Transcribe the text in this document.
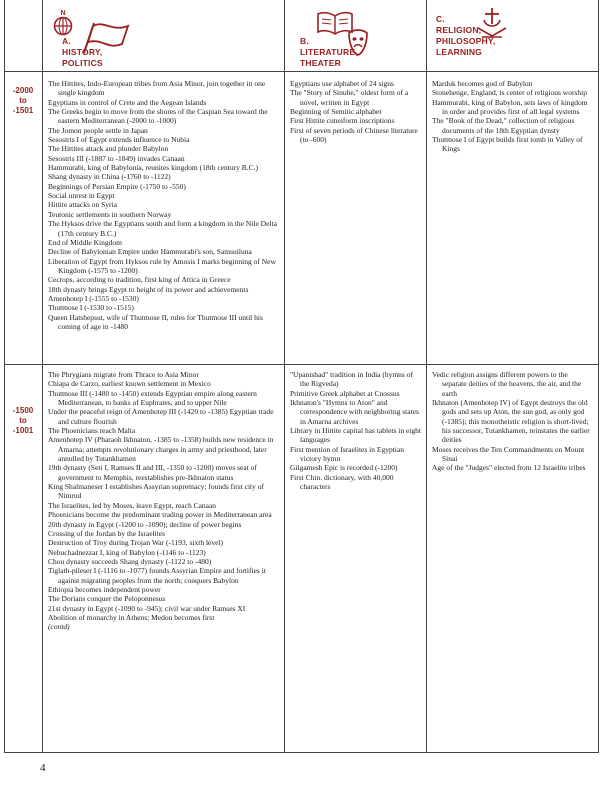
N
A.
HISTORY,
POLITICS
B.
LITERATURE,
THEATER
C.
RELIGION,
PHILOSOPHY,
LEARNING
-2000
to
-1501
The Hittites, Indo-European tribes from Asia Minor, join together in one single kingdom
Egyptians in control of Crete and the Aegean Islands
The Greeks begin to move from the shores of the Caspian Sea toward the eastern Mediterranean (-2000 to -1000)
The Jomon people settle in Japan
Sesostris I of Egypt extends influence to Nubia
The Hittites attack and plunder Babylon
Sesostris III (-1887 to -1849) invades Canaan
Hammurabi, king of Babylonia, reunites kingdom (18th century B.C.)
Shang dynasty in China (-1760 to -1122)
Beginnings of Persian Empire (-1750 to -550)
Social unrest in Egypt
Hittite attacks on Syria
Teutonic settlements in southern Norway
The Hyksos drive the Egyptians south and form a kingdom in the Nile Delta (17th century B.C.)
End of Middle Kingdom
Decline of Babylonian Empire under Hammurabi's son, Samsuiluna
Liberation of Egypt from Hyksos rule by Amosis I marks beginning of New Kingdom (-1575 to -1200)
Cecrops, according to tradition, first king of Attica in Greece
18th dynasty brings Egypt to height of its power and achievements
Amenhotep I (-1555 to -1530)
Thutmose I (-1530 to -1515)
Queen Hatshepsut, wife of Thutmose II, rules for Thutmose III until his coming of age in -1480
Egyptians use alphabet of 24 signs
The "Story of Sinuhe," oldest form of a novel, written in Egypt
Beginning of Semitic alphabet
First Hittite cuneiform inscriptions
First of seven periods of Chinese literature (to -600)
Marduk becomes god of Babylon
Stonehenge, England, is center of religious worship
Hammurabi, king of Babylon, sets laws of kingdom in order and provides first of all legal systems
The "Book of the Dead," collection of religious documents of the 18th Egyptian dynsty
Thutmose I of Egypt builds first tomb in Valley of Kings
-1500
to
-1001
The Phrygians migrate from Thrace to Asia Minor
Chiapa de Carzo, earliest known settlement in Mexico
Thutmose III (-1480 to -1450) extends Egyptian empire along eastern Mediterranean, to banks of Euphrates, and to upper Nile
Under the peaceful reign of Amenhotep III (-1420 to -1385) Egyptian trade and culture flourish
The Phoenicians reach Malta
Amenhotep IV (Pharaoh Ikhnaton, -1385 to -1358) builds new residence in Amarna; attempts revolutionary charges in army and priesthood, later annulled by Tutankhamen
19th dynasty (Seti I, Ramses II and III, -1350 to -1200) moves seat of government to Memphis, reestablishes pre-Ikhnaton status
King Shalmaneser I establishes Assyrian supremacy; founds first city of Nimrud
The Israelites, led by Moses, leave Egypt, reach Canaan
Phoenicians become the predominant trading power in Mediterranean area
20th dynasty in Egypt (-1200 to -1090); decline of power begins
Crossing of the Jordan by the Israelites
Destruction of Troy during Trojan War (-1193, sixth level)
Nebuchadnezzar I, king of Babylon (-1146 to -1123)
Chou dynasty succeeds Shang dynasty (-1122 to -480)
Tiglath-pileser I (-1116 to -1077) founds Assyrian Empire and fortifies it against migrating peoples from the north; conquers Babylon
Ethiopia becomes independent power
The Dorians conquer the Peloponnesus
21st dynasty in Egypt (-1090 to -945); civil war under Ramses XI
Abolition of monarchy in Athens; Medon becomes first
(contd)
"Upanishad" tradition in India (hymns of the Rigveda)
Primitive Greek alphabet at Cnossus
Ikhnaton's "Hymns to Aton" and correspondence with neighboring states in Amarna archives
Library in Hittite capital has tablets in eight languages
First mention of Israelites in Egyptian victory hymn
Gilgamesh Epic is recorded (-1200)
First Chin. dictionary, with 40,000 characters
Vedic religion assigns different powers to the separate deities of the heavens, the air, and the earth
Ikhnaton (Amenhotep IV) of Egypt destroys the old gods and sets up Aton, the sun god, as only god (-1385); this monotheistic religion is short-lived; his successor, Tutankhamen, reinstates the earlier deities
Moses receives the Ten Commandments on Mount Sinai
Age of the "Judges" elected from 12 Israelite tribes
4
